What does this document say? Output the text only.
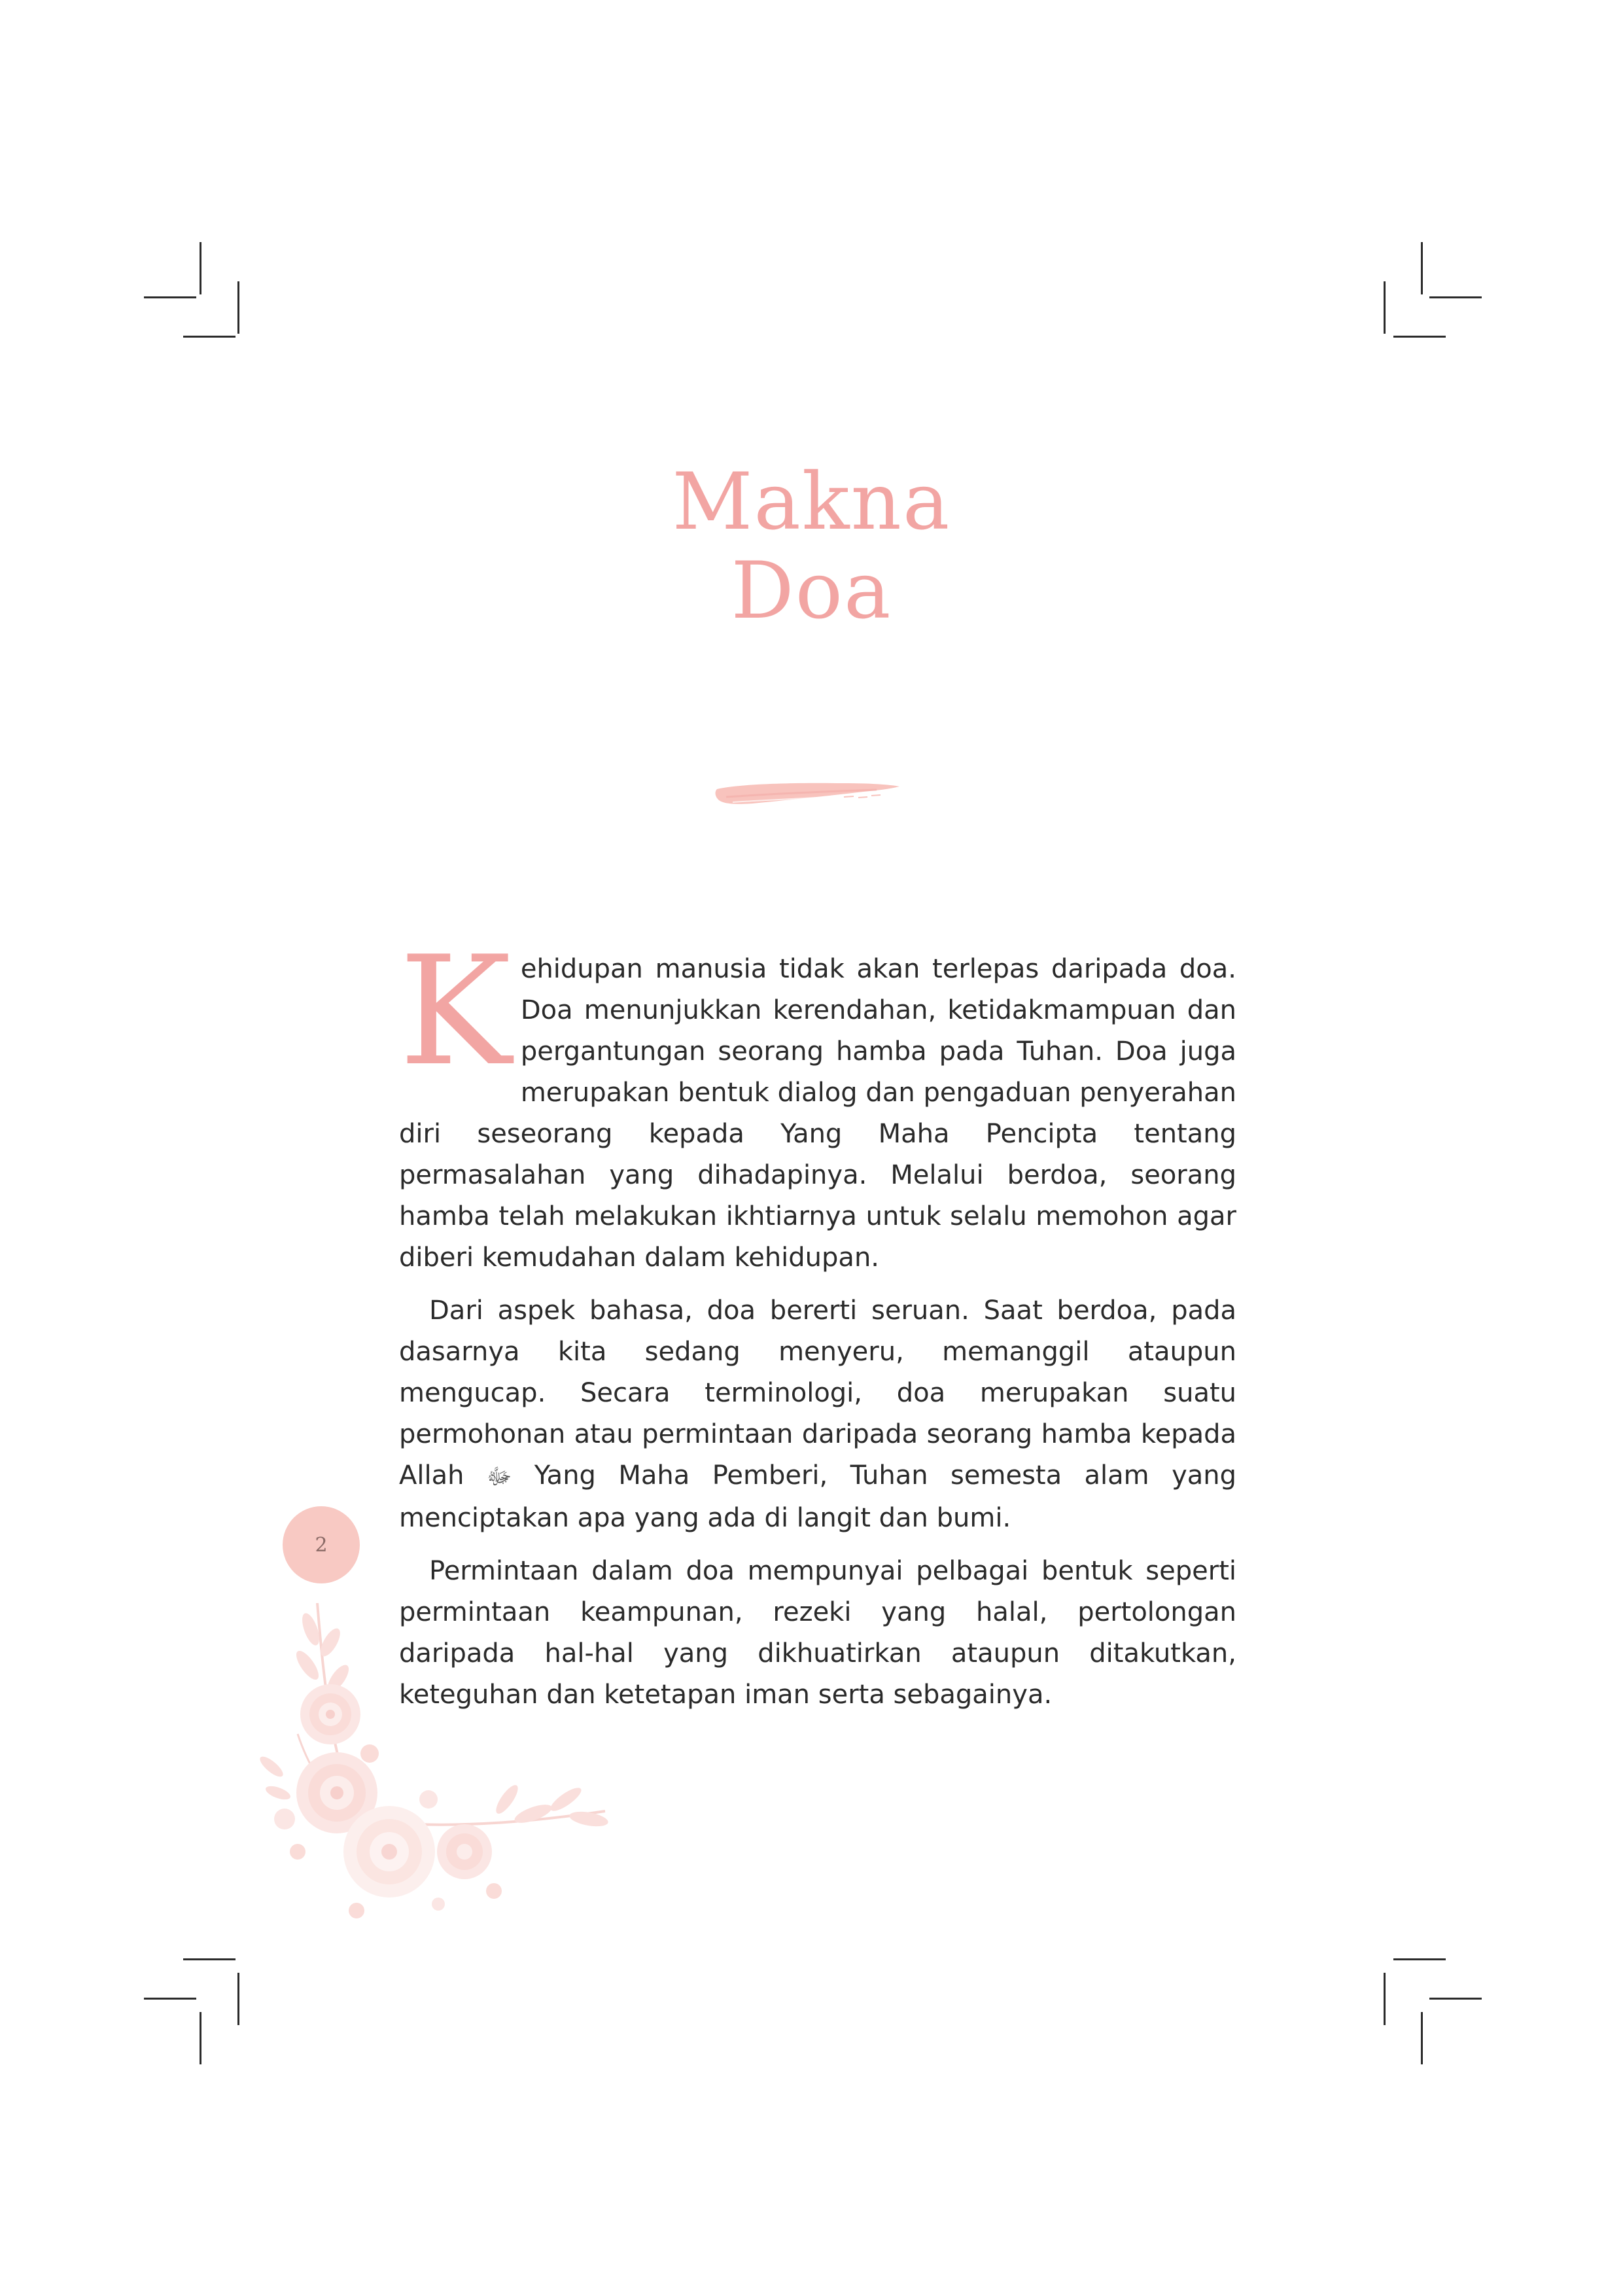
Makna
Doa

Kehidupan manusia tidak akan terlepas daripada doa. Doa menunjukkan kerendahan, ketidakmampuan dan pergantungan seorang hamba pada Tuhan. Doa juga merupakan bentuk dialog dan pengaduan penyerahan diri seseorang kepada Yang Maha Pencipta tentang permasalahan yang dihadapinya. Melalui berdoa, seorang hamba telah melakukan ikhtiarnya untuk selalu memohon agar diberi kemudahan dalam kehidupan.

Dari aspek bahasa, doa bererti seruan. Saat berdoa, pada dasarnya kita sedang menyeru, memanggil ataupun mengucap. Secara terminologi, doa merupakan suatu permohonan atau permintaan daripada seorang hamba kepada Allah ﷻ Yang Maha Pemberi, Tuhan semesta alam yang menciptakan apa yang ada di langit dan bumi.

Permintaan dalam doa mempunyai pelbagai bentuk seperti permintaan keampunan, rezeki yang halal, pertolongan daripada hal-hal yang dikhuatirkan ataupun ditakutkan, keteguhan dan ketetapan iman serta sebagainya.

2
